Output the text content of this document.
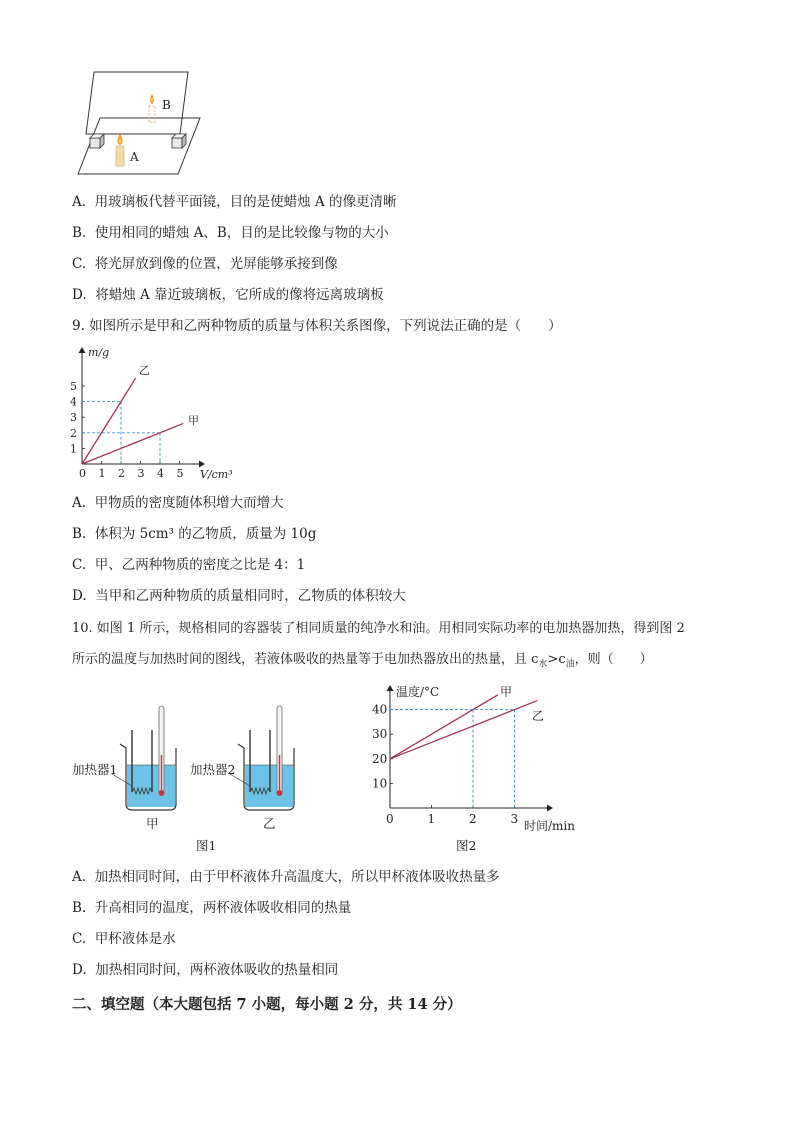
A
B
A. 用玻璃板代替平面镜，目的是使蜡烛 A 的像更清晰
B. 使用相同的蜡烛 A、B，目的是比较像与物的大小
C. 将光屏放到像的位置，光屏能够承接到像
D. 将蜡烛 A 靠近玻璃板，它所成的像将远离玻璃板
9. 如图所示是甲和乙两种物质的质量与体积关系图像，下列说法正确的是（　　）
0 1 2 3 4 5
1
2
3
4
5
m/g
V/cm³
乙
甲
A. 甲物质的密度随体积增大而增大
B. 体积为 5cm³ 的乙物质，质量为 10g
C. 甲、乙两种物质的密度之比是 4：1
D. 当甲和乙两种物质的质量相同时，乙物质的体积较大
10. 如图 1 所示，规格相同的容器装了相同质量的纯净水和油。用相同实际功率的电加热器加热，得到图 2
所示的温度与加热时间的图线，若液体吸收的热量等于电加热器放出的热量，且 $c_水>c_油$，则（　　）
加热器1	加热器2
甲	乙
图1
0	1	2	3
10
20
30
40
温度/°C
时间/min
甲
乙
图2
A. 加热相同时间，由于甲杯液体升高温度大，所以甲杯液体吸收热量多
B. 升高相同的温度，两杯液体吸收相同的热量
C. 甲杯液体是水
D. 加热相同时间，两杯液体吸收的热量相同
二、填空题（本大题包括 7 小题，每小题 2 分，共 14 分）
